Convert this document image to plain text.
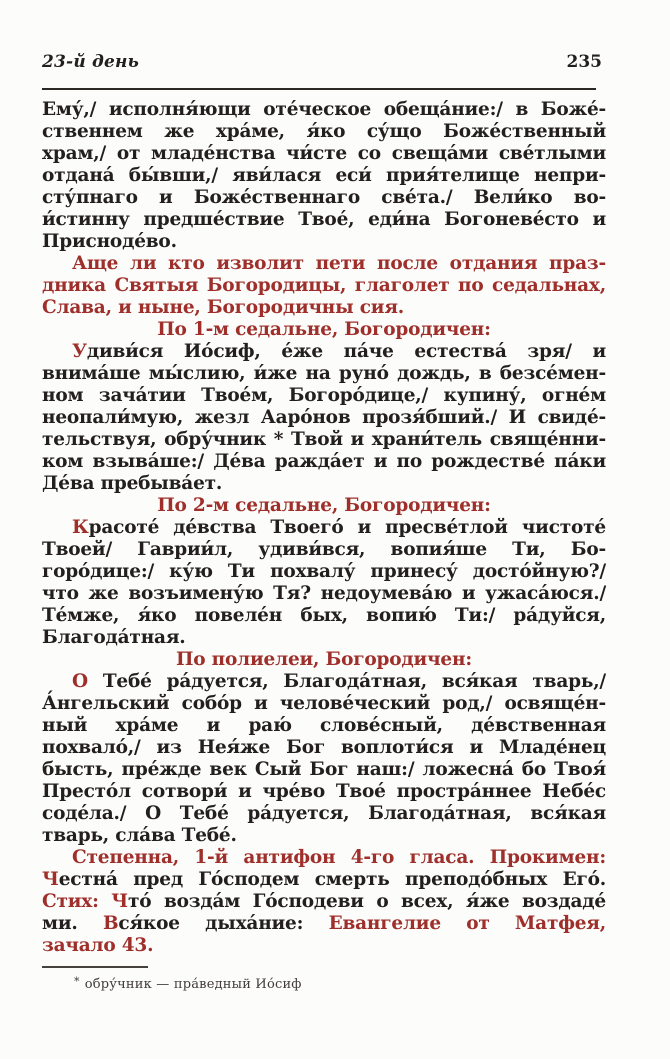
23-й день	235
Ему́,/ исполня́ющи оте́ческое обеща́ние:/ в Боже́-
ственнем же хра́ме, я́ко су́що Боже́ственный
храм,/ от младе́нства чи́сте со свеща́ми све́тлыми
отдана́ бы́вши,/ яви́лася еси́ прия́телище непри-
сту́пнаго и Боже́ственнаго све́та./ Вели́ко во-
и́стинну предше́ствие Твое́, еди́на Богоневе́сто и
Присноде́во.
Аще ли кто изволит пети после отдания праз-
дника Святыя Богородицы, глаголет по седальнах,
Слава, и ныне, Богородичны сия.
По 1-м седальне, Богородичен:
Удиви́ся Ио́сиф, е́же па́че естества́ зря/ и
внима́ше мы́слию, и́же на руно́ дождь, в безсе́мен-
ном зача́тии Твое́м, Богоро́дице,/ купину́, огне́м
неопали́мую, жезл Ааро́нов прозя́бший./ И свиде́-
тельствуя, обру́чник * Твой и храни́тель свяще́нни-
ком взыва́ше:/ Де́ва ражда́ет и по рождестве́ па́ки
Де́ва пребыва́ет.
По 2-м седальне, Богородичен:
Красоте́ де́вства Твоего́ и пресве́тлой чистоте́
Твоей/ Гаврии́л, удиви́вся, вопия́ше Ти, Бо-
горо́дице:/ ку́ю Ти похвалу́ принесу́ досто́йную?/
что же возъимену́ю Тя? недоумева́ю и ужаса́юся./
Те́мже, я́ко повеле́н бых, вопию́ Ти:/ ра́дуйся,
Благода́тная.
По полиелеи, Богородичен:
О Тебе́ ра́дуется, Благода́тная, вся́кая тварь,/
А́нгельский собо́р и челове́ческий род,/ освяще́н-
ный хра́ме и раю́ слове́сный, де́вственная
похвало́,/ из Нея́же Бог воплоти́ся и Младе́нец
бысть, пре́жде век Сый Бог наш:/ ложесна́ бо Твоя́
Престо́л сотвори́ и чре́во Твое́ простра́ннее Небе́с
соде́ла./ О Тебе́ ра́дуется, Благода́тная, вся́кая
тварь, сла́ва Тебе́.
Степенна, 1-й антифон 4-го гласа. Прокимен:
Честна́ пред Го́сподем смерть преподо́бных Его́.
Стих: Что́ возда́м Го́сподеви о всех, я́же воздаде́
ми. Вся́кое дыха́ние: Евангелие от Матфея,
зачало 43.
* обру́чник — пра́ведный Ио́сиф
